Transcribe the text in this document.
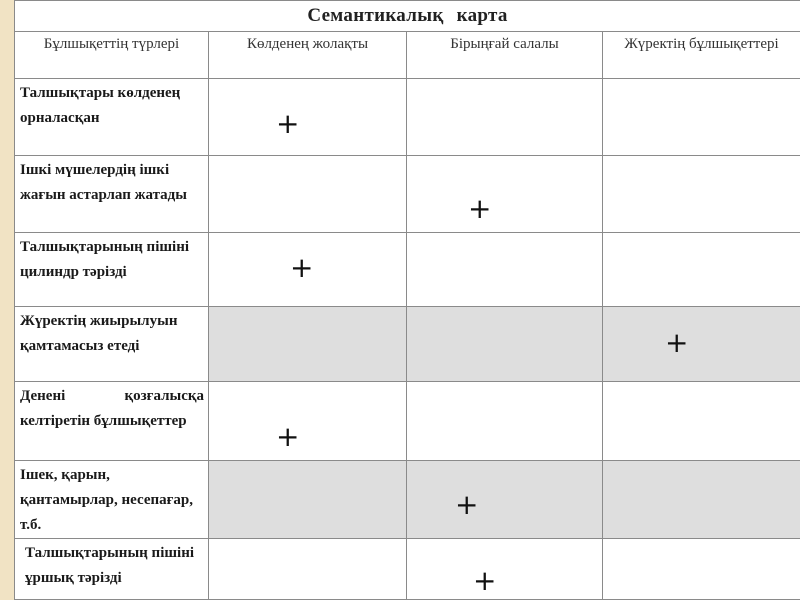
Семантикалық карта			
Бұлшықеттің түрлері	Көлденең жолақты	Бірыңғай салалы	Жүректің бұлшықеттері
Талшықтары көлденең орналасқан	+		

Ішкі мүшелердің ішкі жағын астарлап жатады		+	

Талшықтарының пішіні цилиндр тәрізді	+		

Жүректің жиырылуын қамтамасыз етеді			+

Денені қозғалысқа келтіретін бұлшықеттер	+		

Ішек, қарын, қантамырлар, несепағар, т.б.		+	

Талшықтарының пішіні ұршық тәрізді		+	
